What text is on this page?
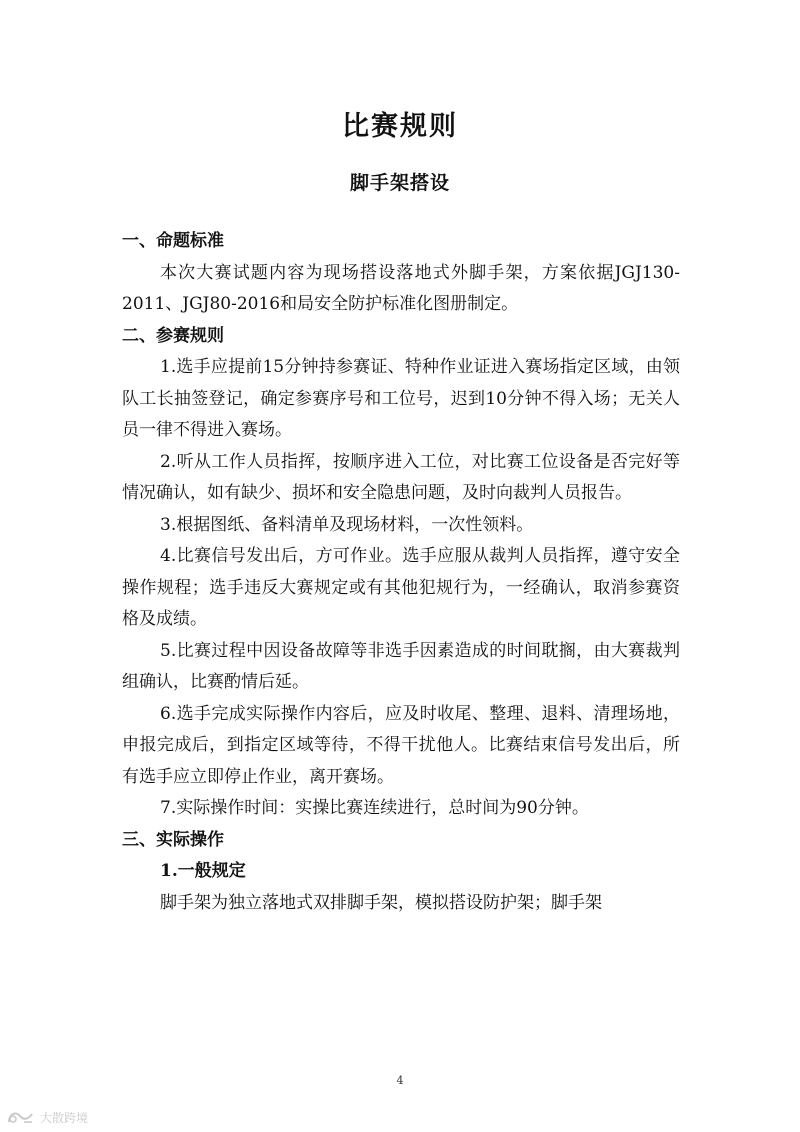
比赛规则
脚手架搭设

一、命题标准

本次大赛试题内容为现场搭设落地式外脚手架，方案依据JGJ130-2011、JGJ80-2016和局安全防护标准化图册制定。

二、参赛规则

1.选手应提前15分钟持参赛证、特种作业证进入赛场指定区域，由领队工长抽签登记，确定参赛序号和工位号，迟到10分钟不得入场；无关人员一律不得进入赛场。

2.听从工作人员指挥，按顺序进入工位，对比赛工位设备是否完好等情况确认，如有缺少、损坏和安全隐患问题，及时向裁判人员报告。

3.根据图纸、备料清单及现场材料，一次性领料。

4.比赛信号发出后，方可作业。选手应服从裁判人员指挥，遵守安全操作规程；选手违反大赛规定或有其他犯规行为，一经确认，取消参赛资格及成绩。

5.比赛过程中因设备故障等非选手因素造成的时间耽搁，由大赛裁判组确认，比赛酌情后延。

6.选手完成实际操作内容后，应及时收尾、整理、退料、清理场地，申报完成后，到指定区域等待，不得干扰他人。比赛结束信号发出后，所有选手应立即停止作业，离开赛场。

7.实际操作时间：实操比赛连续进行，总时间为90分钟。

三、实际操作

1.一般规定

脚手架为独立落地式双排脚手架，模拟搭设防护架；脚手架

4
大散跨境
